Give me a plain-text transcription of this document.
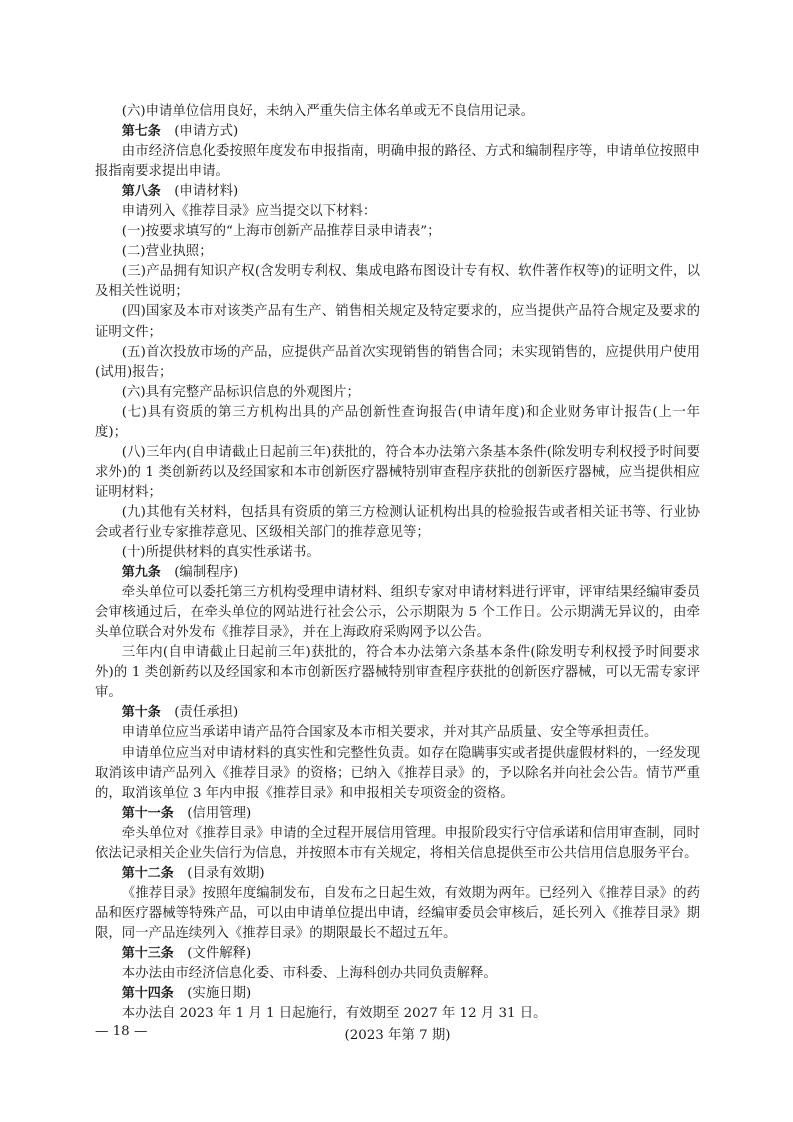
(六)申请单位信用良好，未纳入严重失信主体名单或无不良信用记录。

第七条 (申请方式)

由市经济信息化委按照年度发布申报指南，明确申报的路径、方式和编制程序等，申请单位按照申报指南要求提出申请。

第八条 (申请材料)

申请列入《推荐目录》应当提交以下材料：

(一)按要求填写的“上海市创新产品推荐目录申请表”；

(二)营业执照；

(三)产品拥有知识产权(含发明专利权、集成电路布图设计专有权、软件著作权等)的证明文件，以及相关性说明；

(四)国家及本市对该类产品有生产、销售相关规定及特定要求的，应当提供产品符合规定及要求的证明文件；

(五)首次投放市场的产品，应提供产品首次实现销售的销售合同；未实现销售的，应提供用户使用(试用)报告；

(六)具有完整产品标识信息的外观图片；

(七)具有资质的第三方机构出具的产品创新性查询报告(申请年度)和企业财务审计报告(上一年度)；

(八)三年内(自申请截止日起前三年)获批的，符合本办法第六条基本条件(除发明专利权授予时间要求外)的 1 类创新药以及经国家和本市创新医疗器械特别审查程序获批的创新医疗器械，应当提供相应证明材料；

(九)其他有关材料，包括具有资质的第三方检测认证机构出具的检验报告或者相关证书等、行业协会或者行业专家推荐意见、区级相关部门的推荐意见等；

(十)所提供材料的真实性承诺书。

第九条 (编制程序)

牵头单位可以委托第三方机构受理申请材料、组织专家对申请材料进行评审，评审结果经编审委员会审核通过后，在牵头单位的网站进行社会公示，公示期限为 5 个工作日。公示期满无异议的，由牵头单位联合对外发布《推荐目录》，并在上海政府采购网予以公告。

三年内(自申请截止日起前三年)获批的，符合本办法第六条基本条件(除发明专利权授予时间要求外)的 1 类创新药以及经国家和本市创新医疗器械特别审查程序获批的创新医疗器械，可以无需专家评审。

第十条 (责任承担)

申请单位应当承诺申请产品符合国家及本市相关要求，并对其产品质量、安全等承担责任。

申请单位应当对申请材料的真实性和完整性负责。如存在隐瞒事实或者提供虚假材料的，一经发现取消该申请产品列入《推荐目录》的资格；已纳入《推荐目录》的，予以除名并向社会公告。情节严重的，取消该单位 3 年内申报《推荐目录》和申报相关专项资金的资格。

第十一条 (信用管理)

牵头单位对《推荐目录》申请的全过程开展信用管理。申报阶段实行守信承诺和信用审查制，同时依法记录相关企业失信行为信息，并按照本市有关规定，将相关信息提供至市公共信用信息服务平台。

第十二条 (目录有效期)

《推荐目录》按照年度编制发布，自发布之日起生效，有效期为两年。已经列入《推荐目录》的药品和医疗器械等特殊产品，可以由申请单位提出申请，经编审委员会审核后，延长列入《推荐目录》期限，同一产品连续列入《推荐目录》的期限最长不超过五年。

第十三条 (文件解释)

本办法由市经济信息化委、市科委、上海科创办共同负责解释。

第十四条 (实施日期)

本办法自 2023 年 1 月 1 日起施行，有效期至 2027 年 12 月 31 日。

— 18 —	(2023 年第 7 期)
